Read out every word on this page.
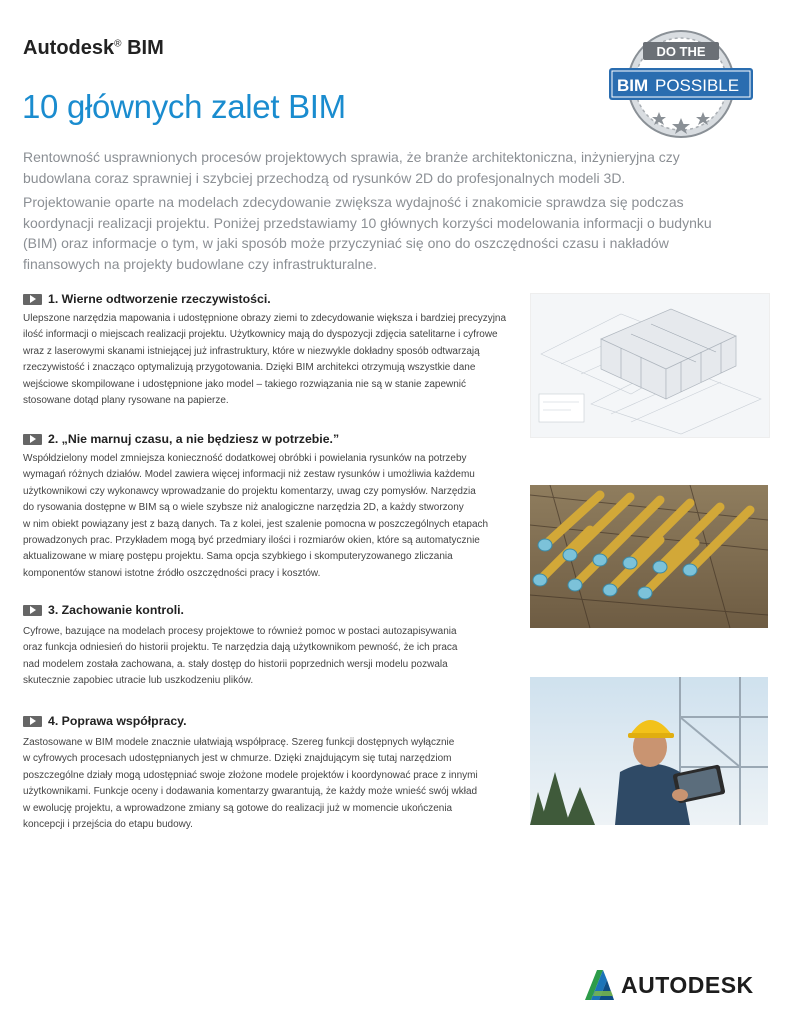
Autodesk® BIM	DO THE
BIM POSSIBLE
10 głównych zalet BIM

Rentowność usprawnionych procesów projektowych sprawia, że branże architektoniczna, inżynieryjna czy budowlana coraz sprawniej i szybciej przechodzą od rysunków 2D do profesjonalnych modeli 3D.

Projektowanie oparte na modelach zdecydowanie zwiększa wydajność i znakomicie sprawdza się podczas koordynacji realizacji projektu. Poniżej przedstawiamy 10 głównych korzyści modelowania informacji o budynku (BIM) oraz informacje o tym, w jaki sposób może przyczyniać się ono do oszczędności czasu i nakładów finansowych na projekty budowlane czy infrastrukturalne.

1. Wierne odtworzenie rzeczywistości.

Ulepszone narzędzia mapowania i udostępnione obrazy ziemi to zdecydowanie większa i bardziej precyzyjna
ilość informacji o miejscach realizacji projektu. Użytkownicy mają do dyspozycji zdjęcia satelitarne i cyfrowe
wraz z laserowymi skanami istniejącej już infrastruktury, które w niezwykle dokładny sposób odtwarzają
rzeczywistość i znacząco optymalizują przygotowania. Dzięki BIM architekci otrzymują wszystkie dane
wejściowe skompilowane i udostępnione jako model – takiego rozwiązania nie są w stanie zapewnić
stosowane dotąd plany rysowane na papierze.

2. „Nie marnuj czasu, a nie będziesz w potrzebie.”

Współdzielony model zmniejsza konieczność dodatkowej obróbki i powielania rysunków na potrzeby
wymagań różnych działów. Model zawiera więcej informacji niż zestaw rysunków i umożliwia każdemu
użytkownikowi czy wykonawcy wprowadzanie do projektu komentarzy, uwag czy pomysłów. Narzędzia
do rysowania dostępne w BIM są o wiele szybsze niż analogiczne narzędzia 2D, a każdy stworzony
w nim obiekt powiązany jest z bazą danych. Ta z kolei, jest szalenie pomocna w poszczególnych etapach
prowadzonych prac. Przykładem mogą być przedmiary ilości i rozmiarów okien, które są automatycznie
aktualizowane w miarę postępu projektu. Sama opcja szybkiego i skomputeryzowanego zliczania
komponentów stanowi istotne źródło oszczędności pracy i kosztów.

3. Zachowanie kontroli.

Cyfrowe, bazujące na modelach procesy projektowe to również pomoc w postaci autozapisywania
oraz funkcja odniesień do historii projektu. Te narzędzia dają użytkownikom pewność, że ich praca
nad modelem została zachowana, a. stały dostęp do historii poprzednich wersji modelu pozwala
skutecznie zapobiec utracie lub uszkodzeniu plików.

4. Poprawa współpracy.

Zastosowane w BIM modele znacznie ułatwiają współpracę. Szereg funkcji dostępnych wyłącznie
w cyfrowych procesach udostępnianych jest w chmurze. Dzięki znajdującym się tutaj narzędziom
poszczególne działy mogą udostępniać swoje złożone modele projektów i koordynować prace z innymi
użytkownikami. Funkcje oceny i dodawania komentarzy gwarantują, że każdy może wnieść swój wkład
w ewolucję projektu, a wprowadzone zmiany są gotowe do realizacji już w momencie ukończenia
koncepcji i przejścia do etapu budowy.

AUTODESK
